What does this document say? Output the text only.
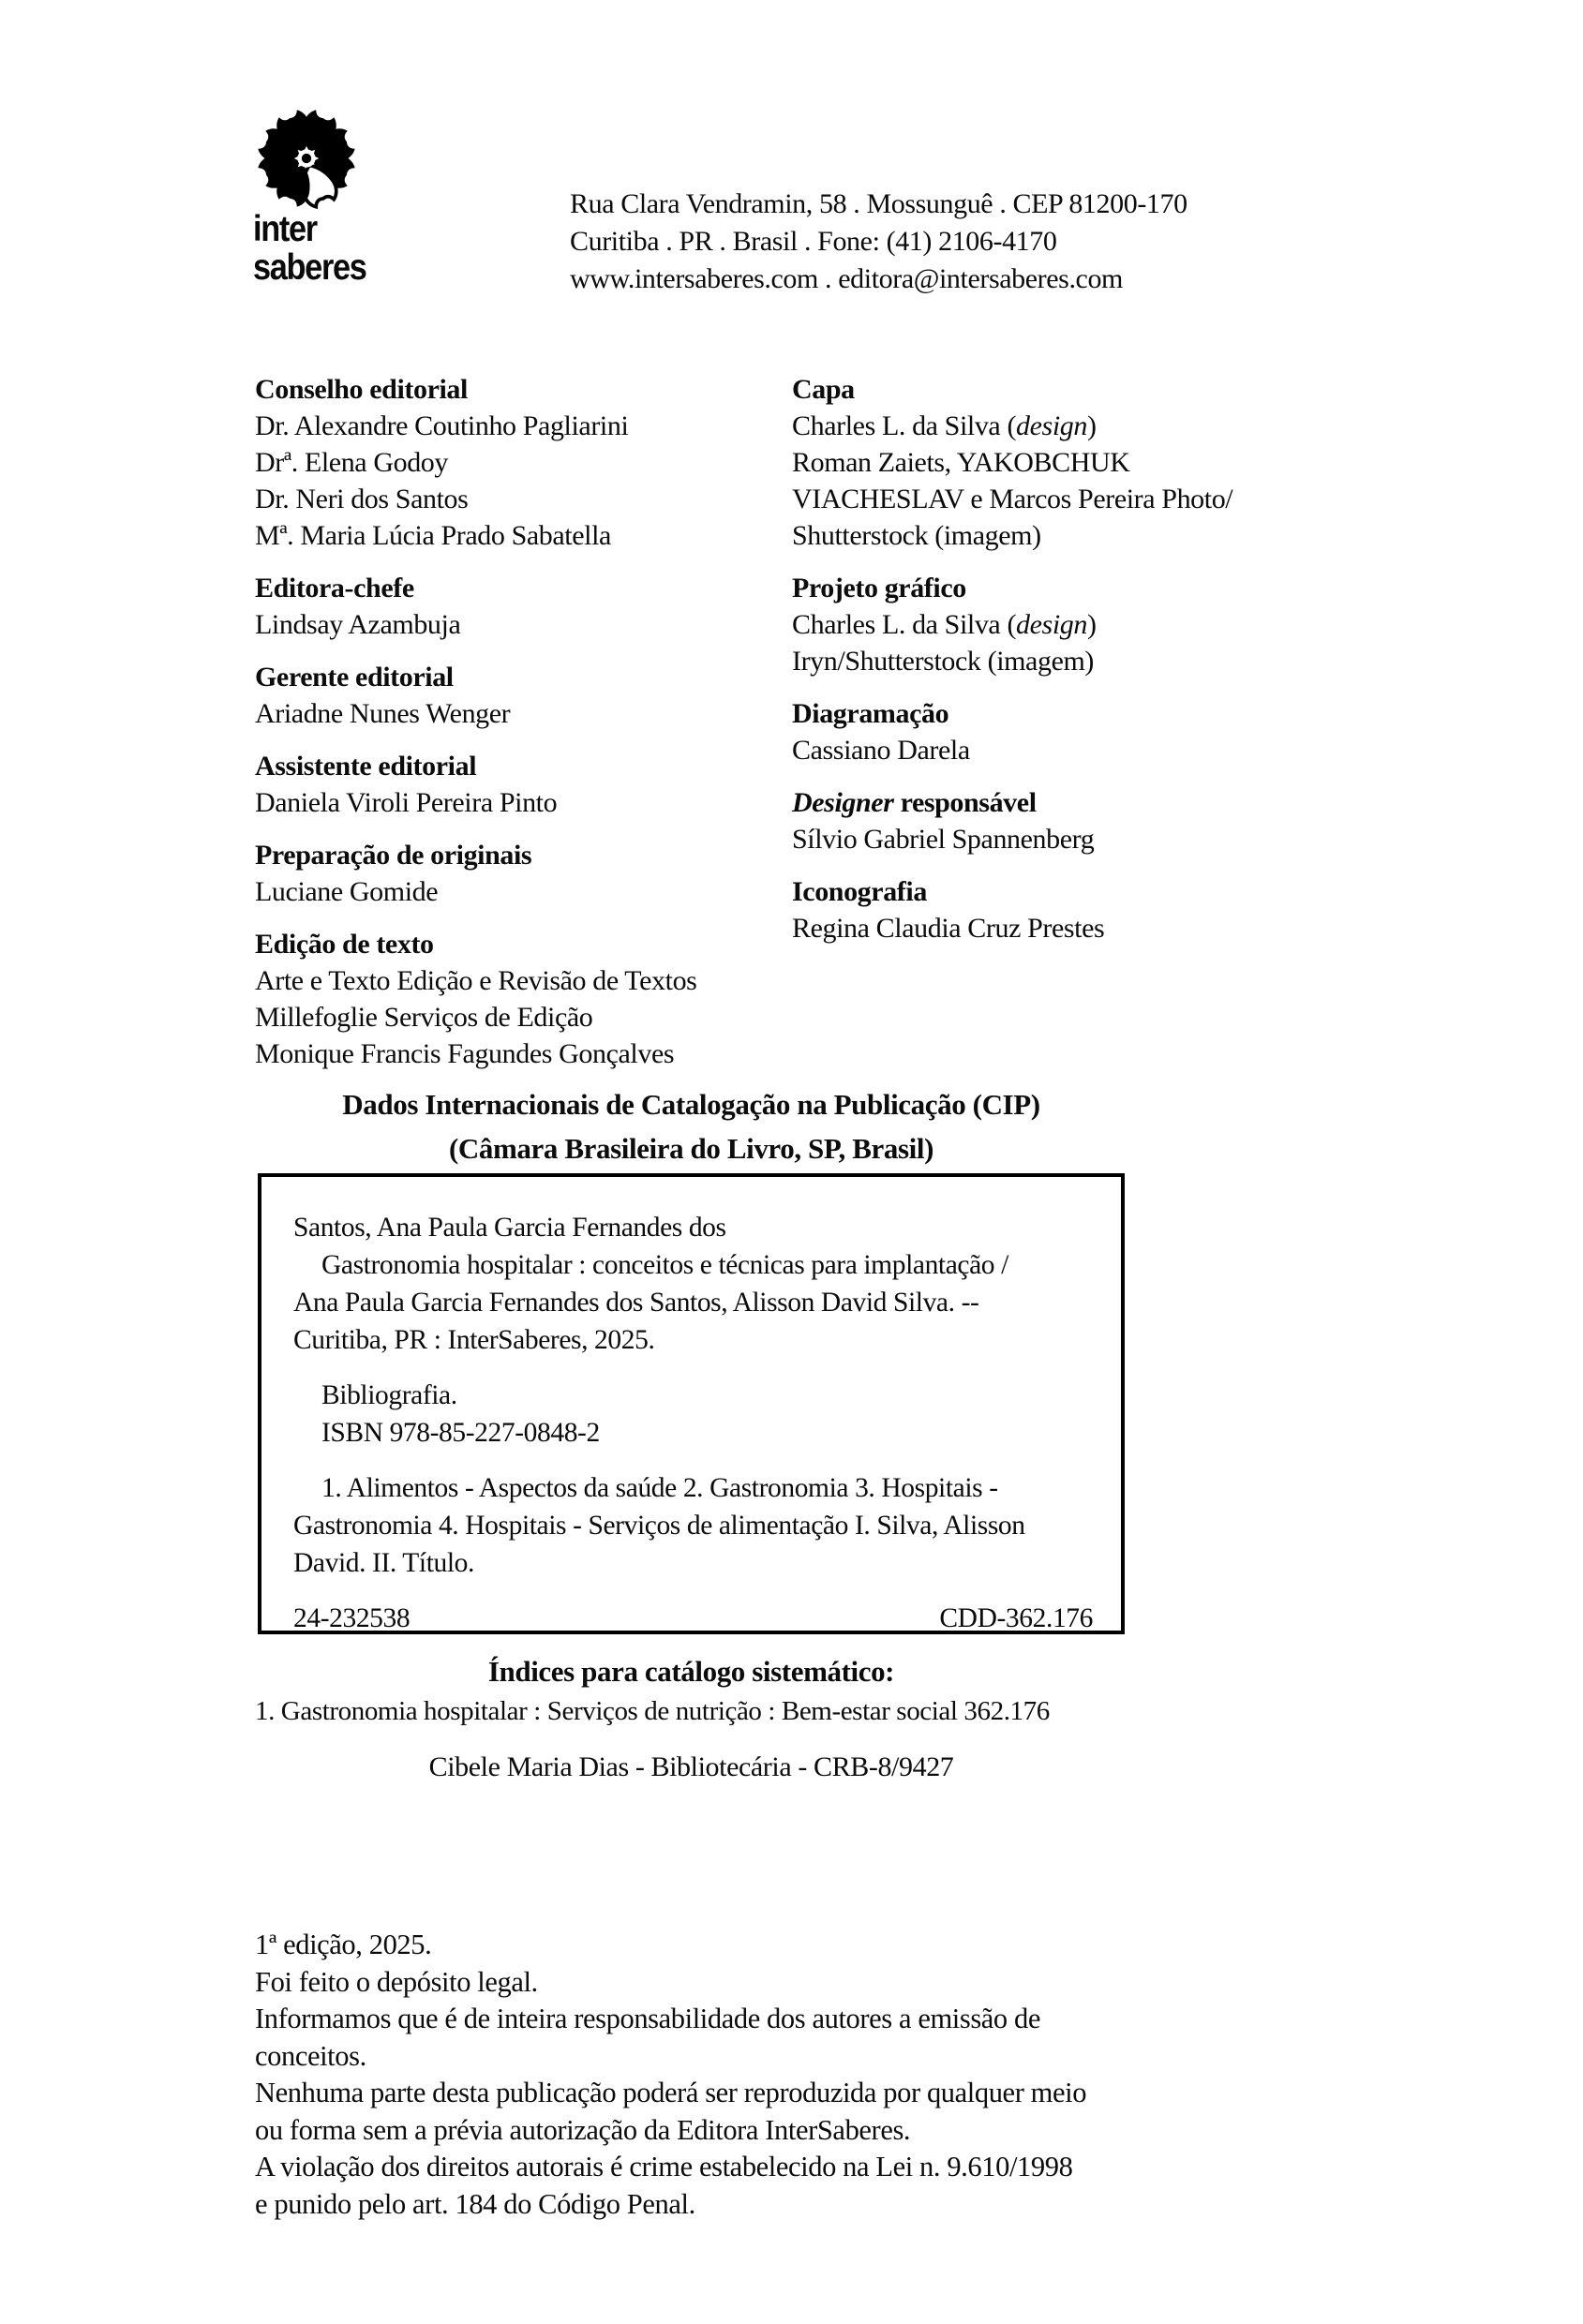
inter
saberes
Rua Clara Vendramin, 58 . Mossunguê . CEP 81200-170
Curitiba . PR . Brasil . Fone: (41) 2106-4170
www.intersaberes.com . editora@intersaberes.com
Conselho editorial
Dr. Alexandre Coutinho Pagliarini
Drª. Elena Godoy
Dr. Neri dos Santos
Mª. Maria Lúcia Prado Sabatella
Editora-chefe
Lindsay Azambuja
Gerente editorial
Ariadne Nunes Wenger
Assistente editorial
Daniela Viroli Pereira Pinto
Preparação de originais
Luciane Gomide
Edição de texto
Arte e Texto Edição e Revisão de Textos
Millefoglie Serviços de Edição
Monique Francis Fagundes Gonçalves
Capa
Charles L. da Silva (design)
Roman Zaiets, YAKOBCHUK
VIACHESLAV e Marcos Pereira Photo/
Shutterstock (imagem)
Projeto gráfico
Charles L. da Silva (design)
Iryn/Shutterstock (imagem)
Diagramação
Cassiano Darela
Designer responsável
Sílvio Gabriel Spannenberg
Iconografia
Regina Claudia Cruz Prestes
Dados Internacionais de Catalogação na Publicação (CIP)
(Câmara Brasileira do Livro, SP, Brasil)
Santos, Ana Paula Garcia Fernandes dos
Gastronomia hospitalar : conceitos e técnicas para implantação /
Ana Paula Garcia Fernandes dos Santos, Alisson David Silva. --
Curitiba, PR : InterSaberes, 2025.
Bibliografia.
ISBN 978-85-227-0848-2
1. Alimentos - Aspectos da saúde 2. Gastronomia 3. Hospitais -
Gastronomia 4. Hospitais - Serviços de alimentação I. Silva, Alisson
David. II. Título.
24-232538	CDD-362.176
Índices para catálogo sistemático:
1. Gastronomia hospitalar : Serviços de nutrição : Bem-estar social 362.176
Cibele Maria Dias - Bibliotecária - CRB-8/9427
1ª edição, 2025.
Foi feito o depósito legal.
Informamos que é de inteira responsabilidade dos autores a emissão de
conceitos.
Nenhuma parte desta publicação poderá ser reproduzida por qualquer meio
ou forma sem a prévia autorização da Editora InterSaberes.
A violação dos direitos autorais é crime estabelecido na Lei n. 9.610/1998
e punido pelo art. 184 do Código Penal.
